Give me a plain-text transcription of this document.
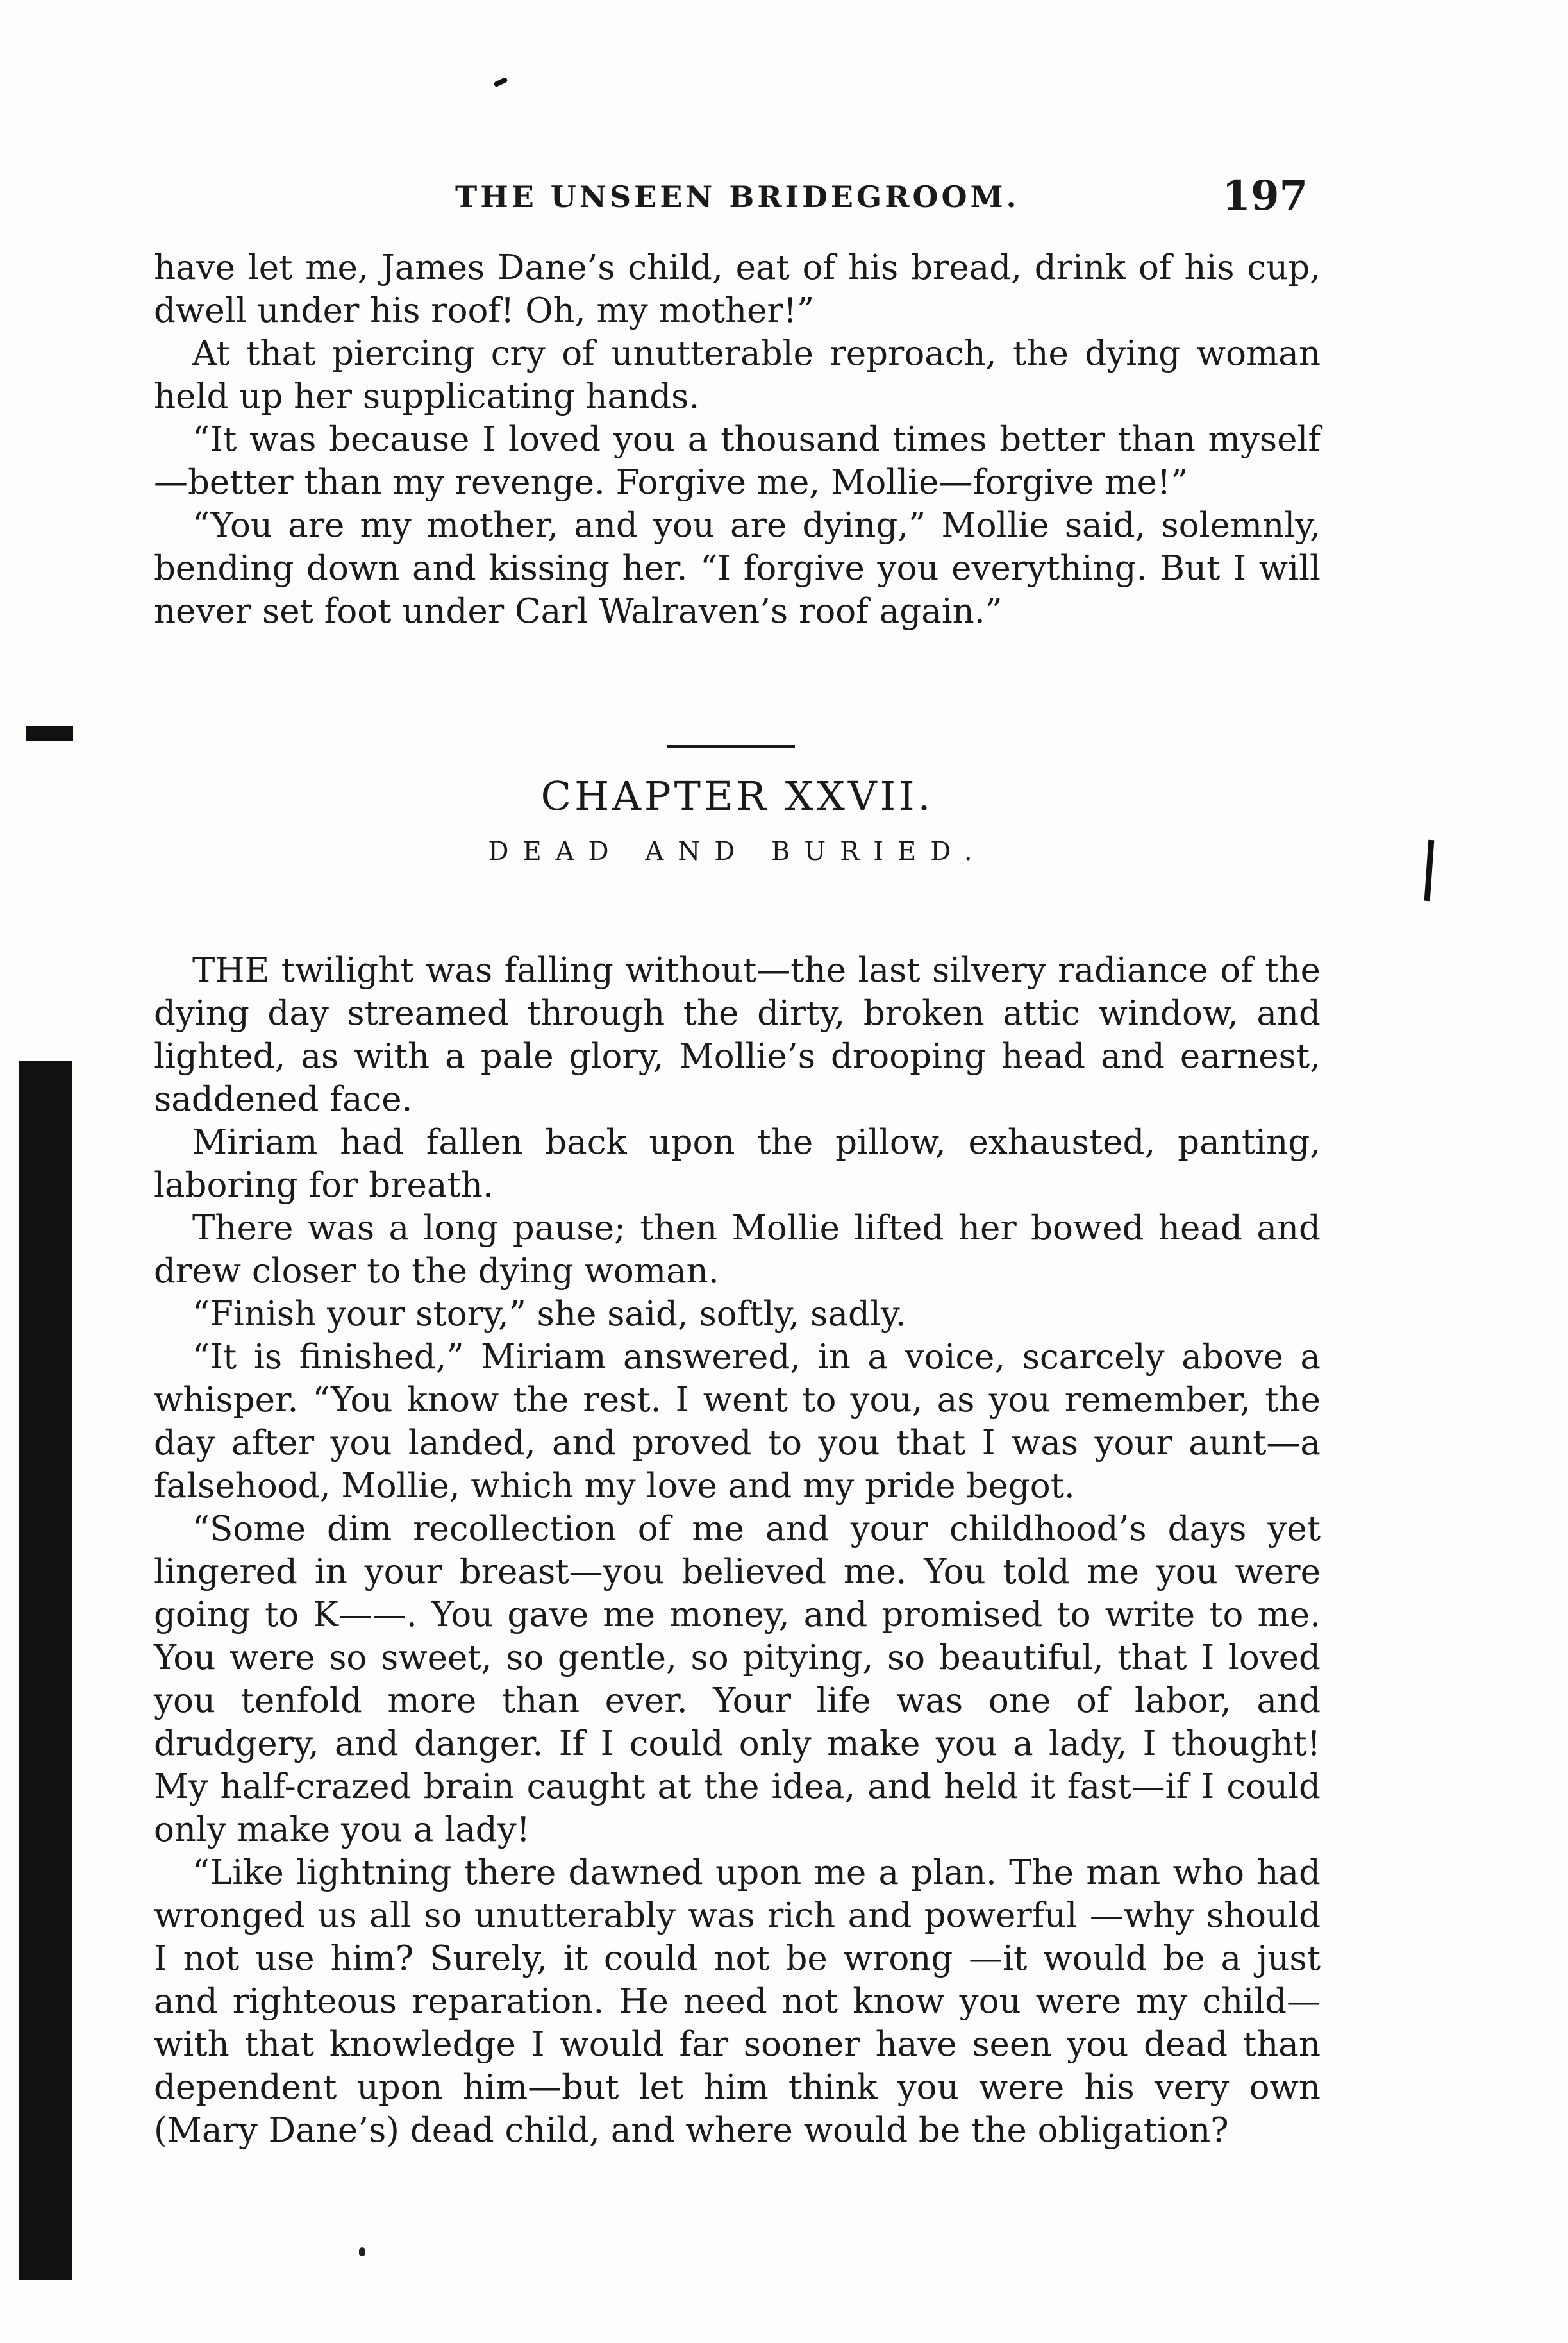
THE UNSEEN BRIDEGROOM.	197

have let me, James Dane’s child, eat of his bread, drink of his cup, dwell under his roof! Oh, my mother!”

At that piercing cry of unutterable reproach, the dying woman held up her supplicating hands.

“It was because I loved you a thousand times better than myself—better than my revenge. Forgive me, Mollie—forgive me!”

“You are my mother, and you are dying,” Mollie said, solemnly, bending down and kissing her. “I forgive you everything. But I will never set foot under Carl Walraven’s roof again.”

CHAPTER XXVII.
DEAD AND BURIED.

THE twilight was falling without—the last silvery radiance of the dying day streamed through the dirty, broken attic window, and lighted, as with a pale glory, Mollie’s drooping head and earnest, saddened face.

Miriam had fallen back upon the pillow, exhausted, panting, laboring for breath.

There was a long pause; then Mollie lifted her bowed head and drew closer to the dying woman.

“Finish your story,” she said, softly, sadly.

“It is finished,” Miriam answered, in a voice, scarcely above a whisper. “You know the rest. I went to you, as you remember, the day after you landed, and proved to you that I was your aunt—a falsehood, Mollie, which my love and my pride begot.

“Some dim recollection of me and your childhood’s days yet lingered in your breast—you believed me. You told me you were going to K——. You gave me money, and promised to write to me. You were so sweet, so gentle, so pitying, so beautiful, that I loved you tenfold more than ever. Your life was one of labor, and drudgery, and danger. If I could only make you a lady, I thought! My half-crazed brain caught at the idea, and held it fast—if I could only make you a lady!

“Like lightning there dawned upon me a plan. The man who had wronged us all so unutterably was rich and powerful —why should I not use him? Surely, it could not be wrong —it would be a just and righteous reparation. He need not know you were my child—with that knowledge I would far sooner have seen you dead than dependent upon him—but let him think you were his very own (Mary Dane’s) dead child, and where would be the obligation?
